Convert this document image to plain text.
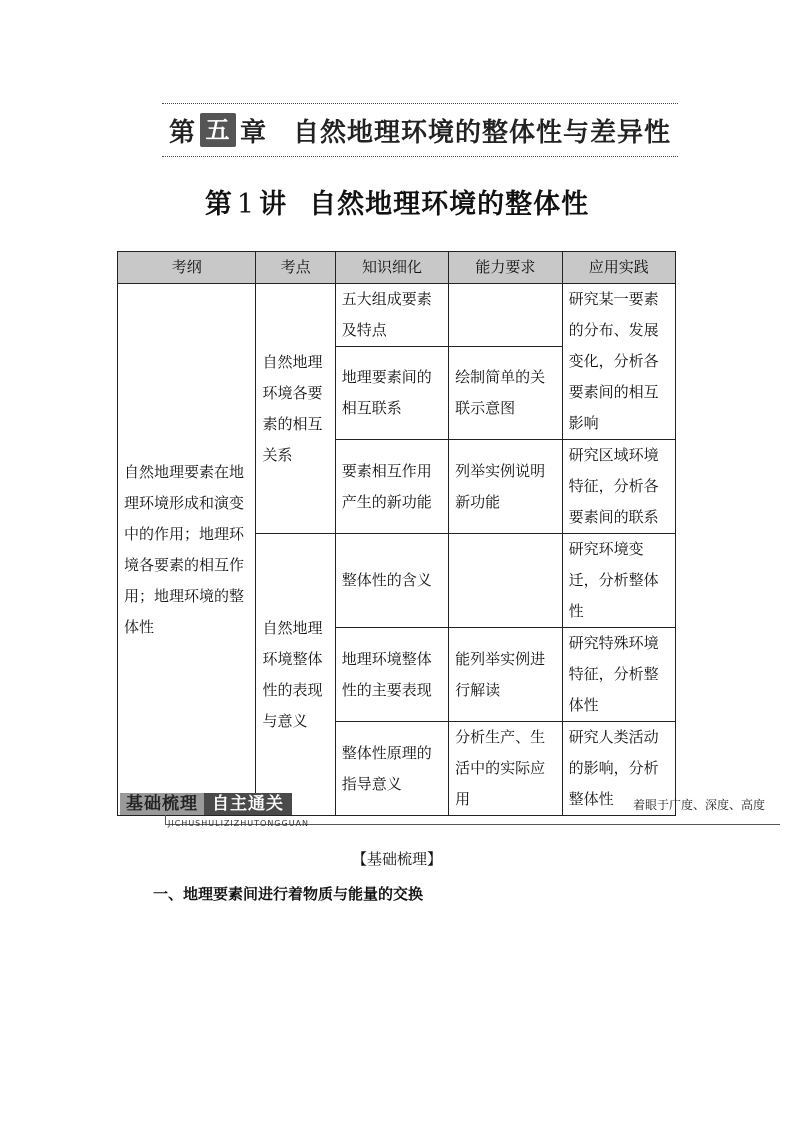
第 五 章 自然地理环境的整体性与差异性
第 1 讲 自然地理环境的整体性
考纲	考点	知识细化	能力要求	应用实践
自然地理要素在地理环境形成和演变中的作用；地理环境各要素的相互作用；地理环境的整体性	自然地理环境各要素的相互关系	五大组成要素及特点		研究某一要素的分布、发展变化，分析各要素间的相互影响
		地理要素间的相互联系	绘制简单的关联示意图	
		要素相互作用产生的新功能	列举实例说明新功能	研究区域环境特征，分析各要素间的联系
	自然地理环境整体性的表现与意义	整体性的含义		研究环境变迁，分析整体性
		地理环境整体性的主要表现	能列举实例进行解读	研究特殊环境特征，分析整体性
		整体性原理的指导意义	分析生产、生活中的实际应用	研究人类活动的影响，分析整体性
基础梳理 自主通关
JICHUSHULIZIZHUTONGGUAN
着眼于广度、深度、高度
【基础梳理】
一、地理要素间进行着物质与能量的交换
